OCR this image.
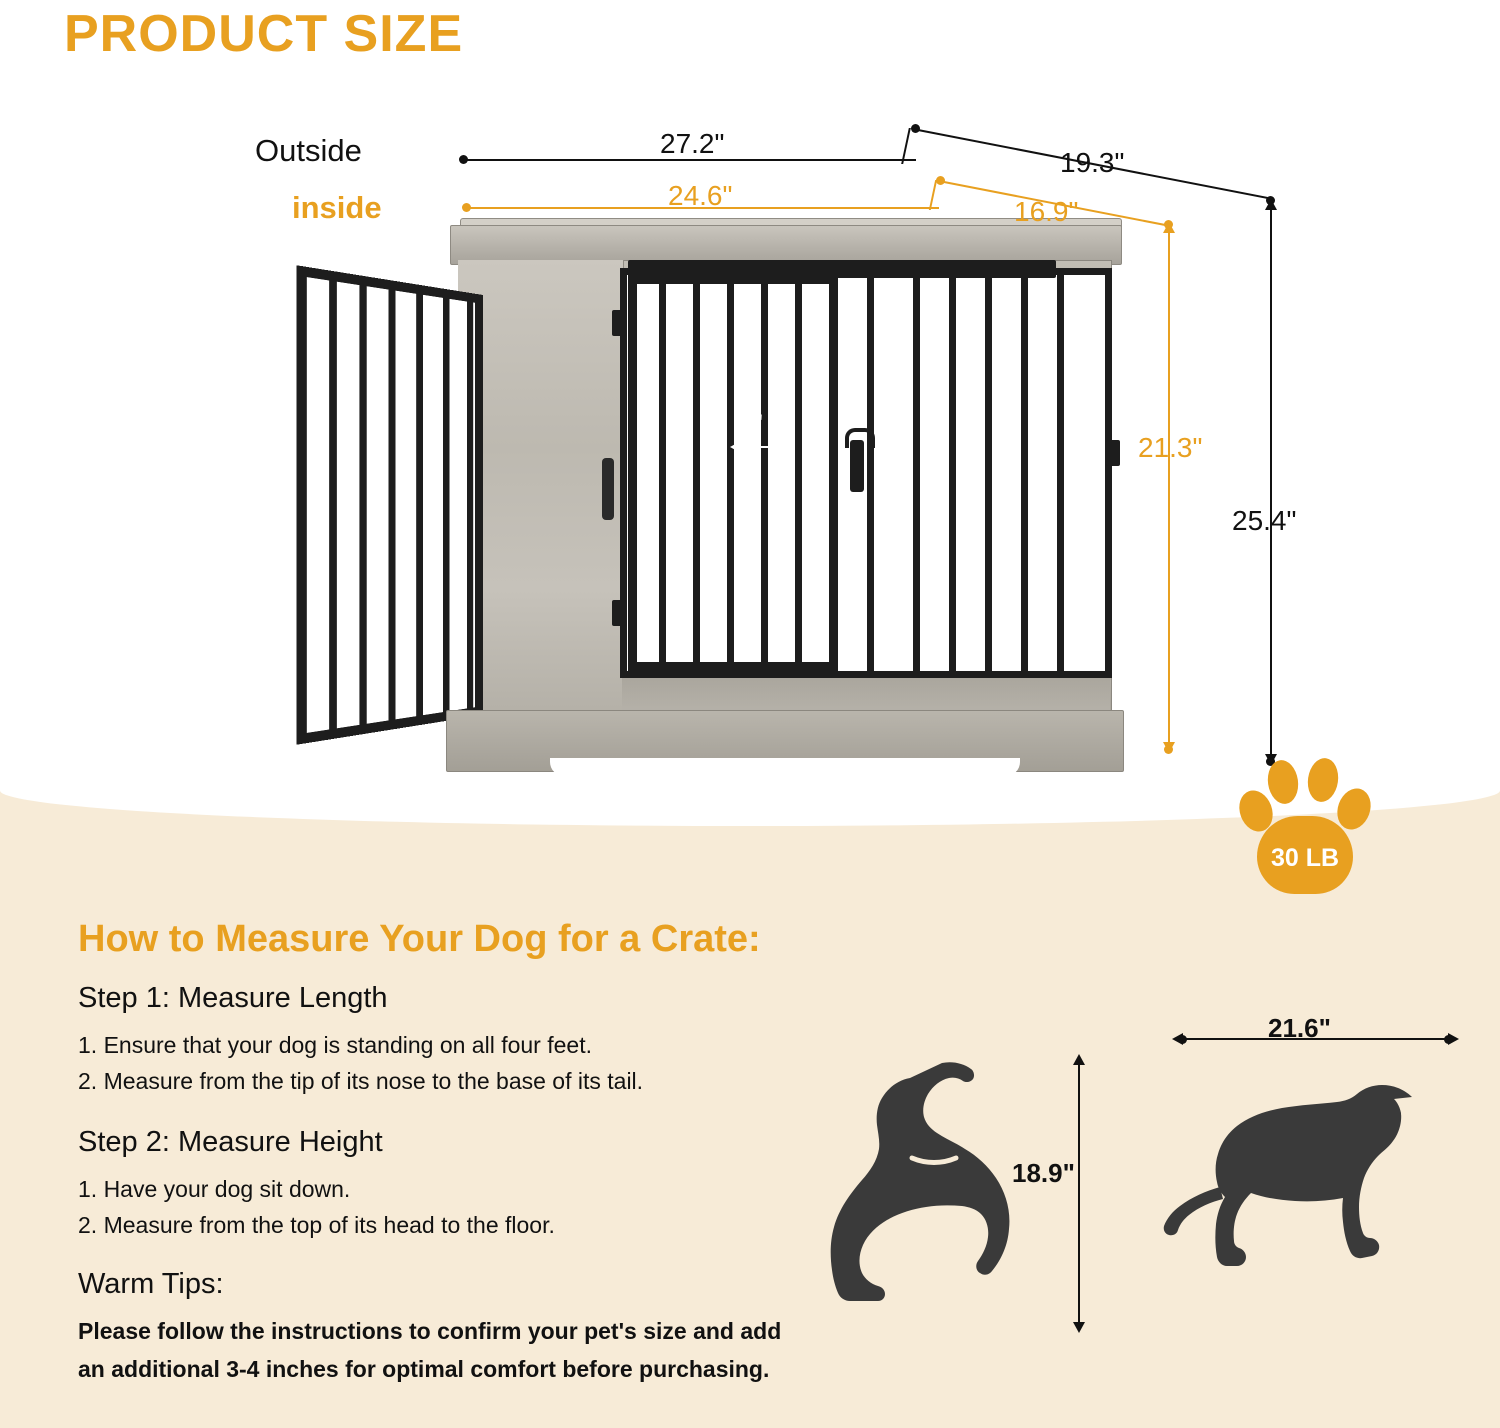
PRODUCT SIZE
2"
Outside
inside
27.2"
19.3"
24.6"
16.9"
21.3"
25.4"
30 LB
How to Measure Your Dog for a Crate:
Step 1: Measure Length
1. Ensure that your dog is standing on all four feet.
2. Measure from the tip of its nose to the base of its tail.
Step 2: Measure Height
1. Have your dog sit down.
2. Measure from the top of its head to the floor.
Warm Tips:
Please follow the instructions to confirm your pet's size and add
an additional 3-4 inches for optimal comfort before purchasing.
18.9"
21.6"
